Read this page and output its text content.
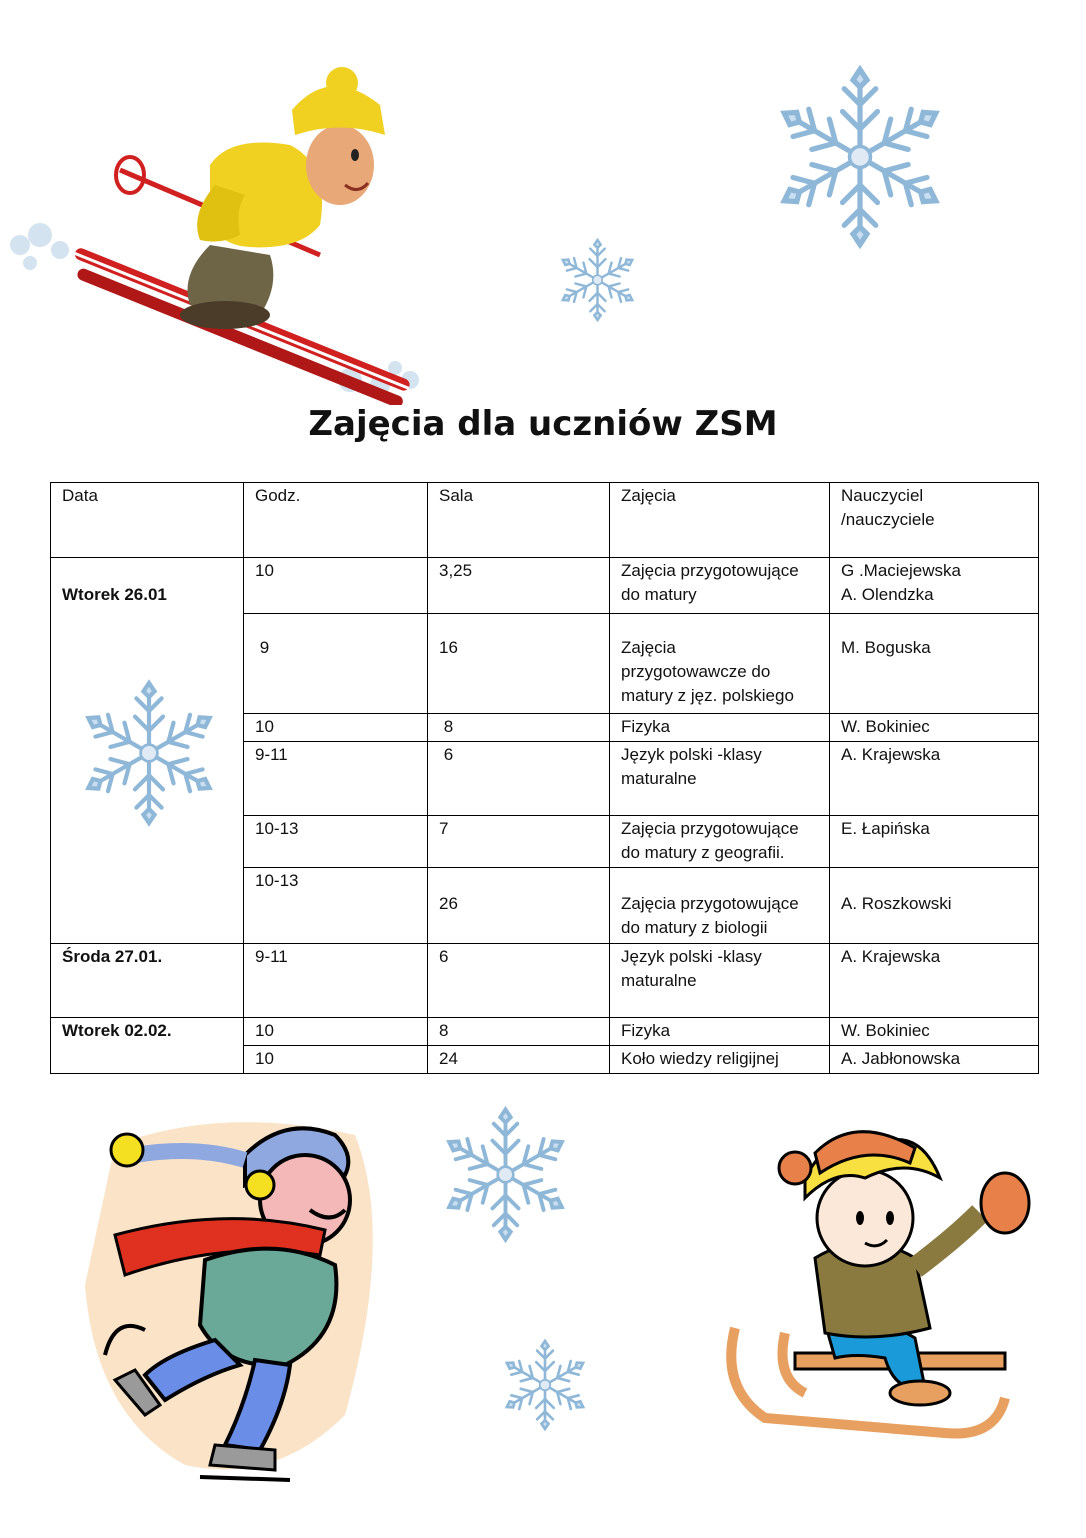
Zajęcia dla uczniów ZSM
Data	Godz.	Sala	Zajęcia	Nauczyciel
/nauczyciele

Wtorek 26.01	10	3,25	Zajęcia przygotowujące
do matury	G .Maciejewska
A. Olendzka
	9	16	Zajęcia
przygotowawcze do
matury z jęz. polskiego	M. Boguska
	10	8	Fizyka	W. Bokiniec
	9-11	6	Język polski -klasy
maturalne	A. Krajewska
	10-13	7	Zajęcia przygotowujące
do matury z geografii.	E. Łapińska
	10-13	26	Zajęcia przygotowujące
do matury z biologii	A. Roszkowski
Środa 27.01.	9-11	6	Język polski -klasy
maturalne	A. Krajewska
Wtorek 02.02.	10	8	Fizyka	W. Bokiniec
	10	24	Koło wiedzy religijnej	A. Jabłonowska
